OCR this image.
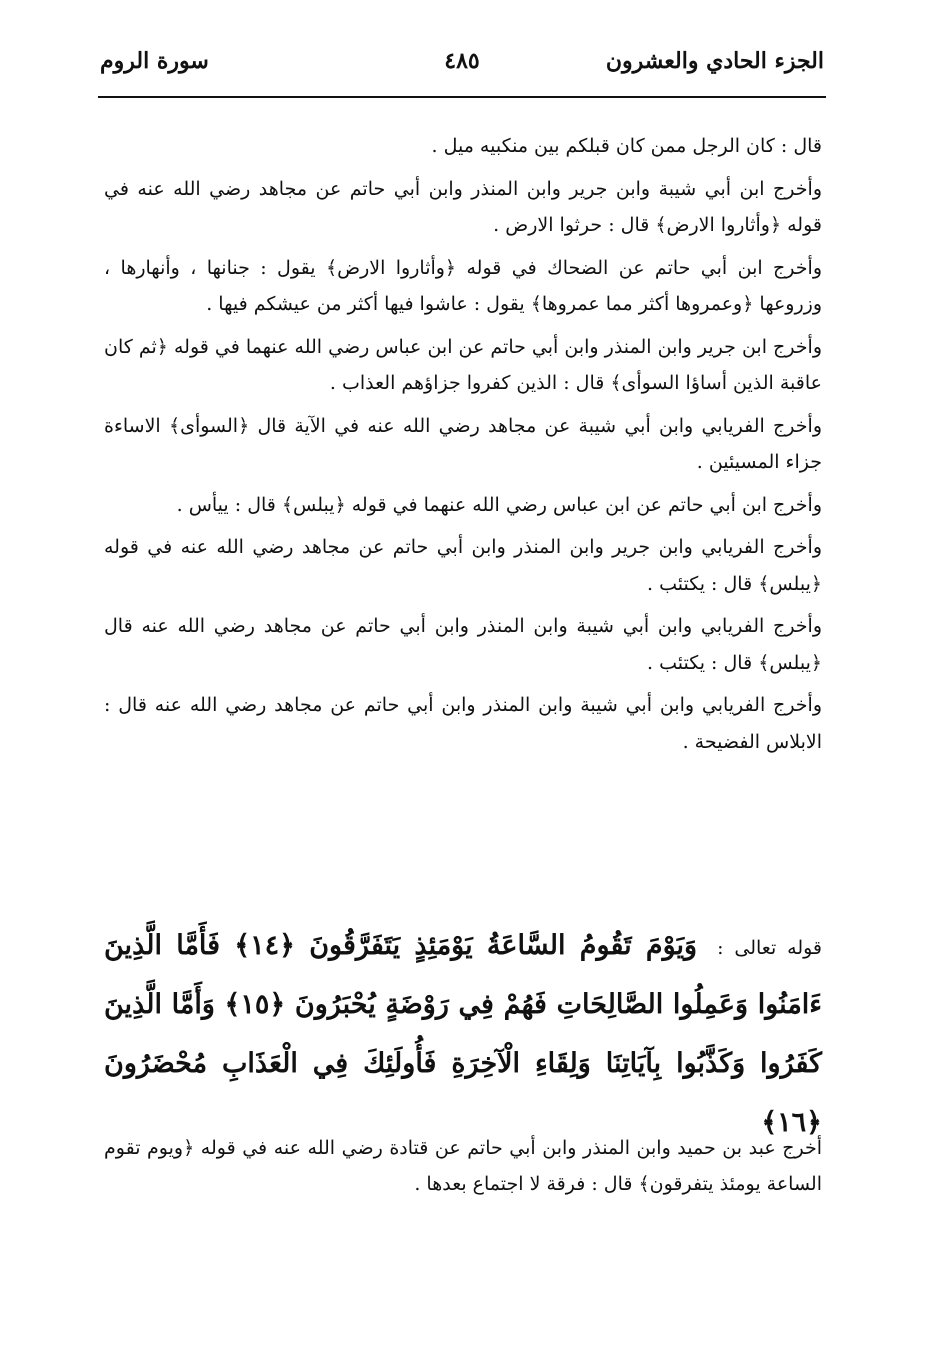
الجزء الحادي والعشرون
٤٨٥
سورة الروم

قال : كان الرجل ممن كان قبلكم بين منكبيه ميل .

وأخرج ابن أبي شيبة وابن جرير وابن المنذر وابن أبي حاتم عن مجاهد رضي الله عنه في قوله ﴿وأثاروا الارض﴾ قال : حرثوا الارض .

وأخرج ابن أبي حاتم عن الضحاك في قوله ﴿وأثاروا الارض﴾ يقول : جنانها ، وأنهارها ، وزروعها ﴿وعمروها أكثر مما عمروها﴾ يقول : عاشوا فيها أكثر من عيشكم فيها .

وأخرج ابن جرير وابن المنذر وابن أبي حاتم عن ابن عباس رضي الله عنهما في قوله ﴿ثم كان عاقبة الذين أساؤا السوأى﴾ قال : الذين كفروا جزاؤهم العذاب .

وأخرج الفريابي وابن أبي شيبة عن مجاهد رضي الله عنه في الآية قال ﴿السوأى﴾ الاساءة جزاء المسيئين .

وأخرج ابن أبي حاتم عن ابن عباس رضي الله عنهما في قوله ﴿يبلس﴾ قال : ييأس .

وأخرج الفريابي وابن جرير وابن المنذر وابن أبي حاتم عن مجاهد رضي الله عنه في قوله ﴿يبلس﴾ قال : يكتئب .

وأخرج الفريابي وابن أبي شيبة وابن المنذر وابن أبي حاتم عن مجاهد رضي الله عنه قال ﴿يبلس﴾ قال : يكتئب .

وأخرج الفريابي وابن أبي شيبة وابن المنذر وابن أبي حاتم عن مجاهد رضي الله عنه قال : الابلاس الفضيحة .

قوله تعالى : وَيَوْمَ تَقُومُ السَّاعَةُ يَوْمَئِذٍ يَتَفَرَّقُونَ ﴿١٤﴾ فَأَمَّا الَّذِينَ ءَامَنُوا وَعَمِلُوا الصَّالِحَاتِ فَهُمْ فِي رَوْضَةٍ يُحْبَرُونَ ﴿١٥﴾ وَأَمَّا الَّذِينَ كَفَرُوا وَكَذَّبُوا بِآيَاتِنَا وَلِقَاءِ الْآخِرَةِ فَأُولَئِكَ فِي الْعَذَابِ مُحْضَرُونَ ﴿١٦﴾

أخرج عبد بن حميد وابن المنذر وابن أبي حاتم عن قتادة رضي الله عنه في قوله ﴿ويوم تقوم الساعة يومئذ يتفرقون﴾ قال : فرقة لا اجتماع بعدها .
